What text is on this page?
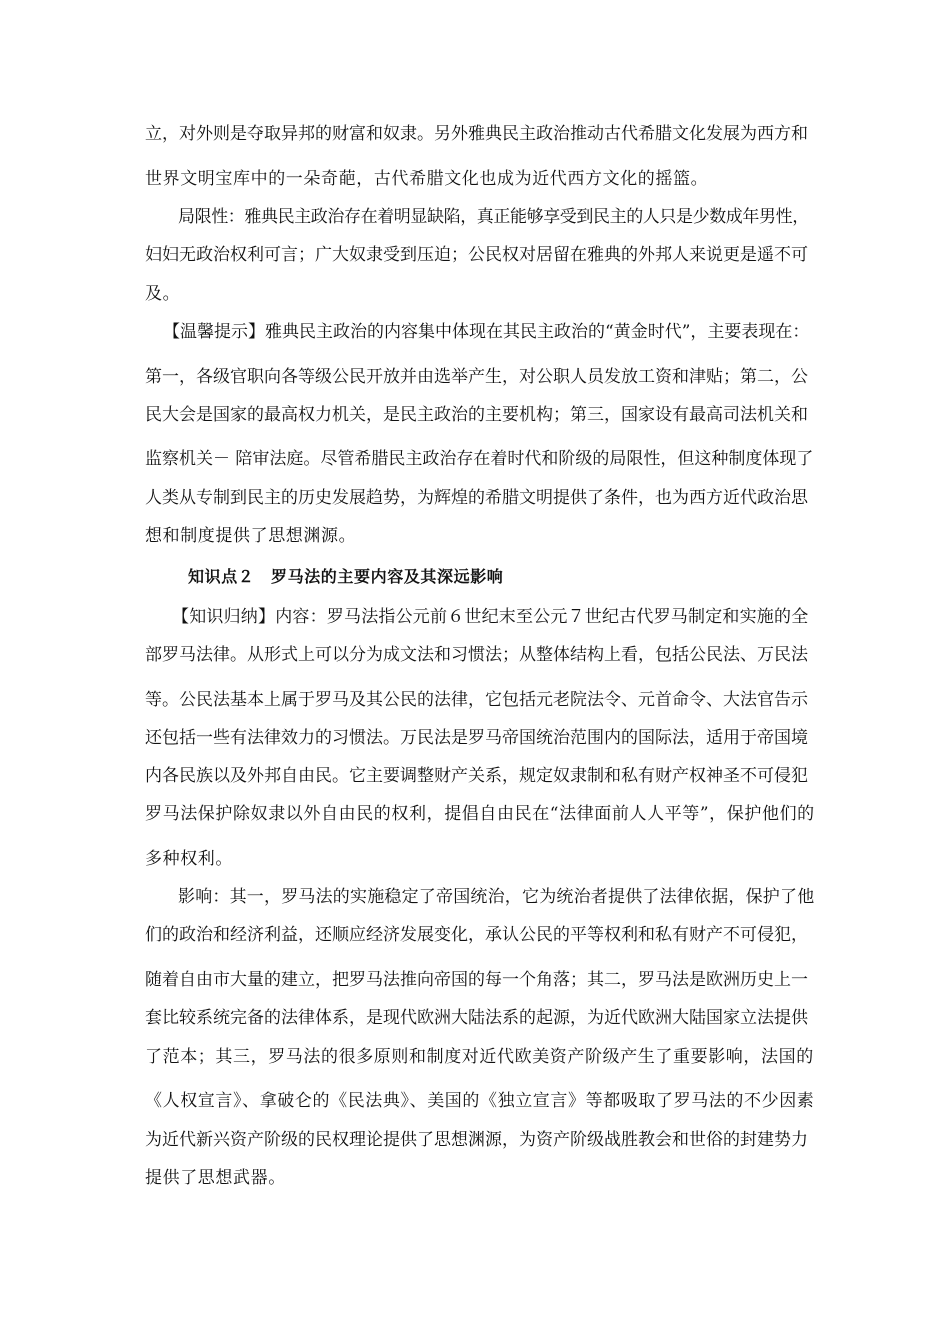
立，对外则是夺取异邦的财富和奴隶。另外雅典民主政治推动古代希腊文化发展为西方和
世界文明宝库中的一朵奇葩，古代希腊文化也成为近代西方文化的摇篮。
局限性：雅典民主政治存在着明显缺陷，真正能够享受到民主的人只是少数成年男性，
妇妇无政治权利可言；广大奴隶受到压迫；公民权对居留在雅典的外邦人来说更是遥不可
及。
【温馨提示】雅典民主政治的内容集中体现在其民主政治的“黄金时代”，主要表现在：
第一，各级官职向各等级公民开放并由选举产生，对公职人员发放工资和津贴；第二，公
民大会是国家的最高权力机关，是民主政治的主要机构；第三，国家设有最高司法机关和
监察机关－ 陪审法庭。尽管希腊民主政治存在着时代和阶级的局限性，但这种制度体现了
人类从专制到民主的历史发展趋势，为辉煌的希腊文明提供了条件，也为西方近代政治思
想和制度提供了思想渊源。
知识点２　罗马法的主要内容及其深远影响
【知识归纳】内容：罗马法指公元前６世纪末至公元７世纪古代罗马制定和实施的全
部罗马法律。从形式上可以分为成文法和习惯法；从整体结构上看，包括公民法、万民法
等。公民法基本上属于罗马及其公民的法律，它包括元老院法令、元首命令、大法官告示
还包括一些有法律效力的习惯法。万民法是罗马帝国统治范围内的国际法，适用于帝国境
内各民族以及外邦自由民。它主要调整财产关系，规定奴隶制和私有财产权神圣不可侵犯
罗马法保护除奴隶以外自由民的权利，提倡自由民在“法律面前人人平等”，保护他们的
多种权利。
影响：其一，罗马法的实施稳定了帝国统治，它为统治者提供了法律依据，保护了他
们的政治和经济利益，还顺应经济发展变化，承认公民的平等权利和私有财产不可侵犯，
随着自由市大量的建立，把罗马法推向帝国的每一个角落；其二，罗马法是欧洲历史上一
套比较系统完备的法律体系，是现代欧洲大陆法系的起源，为近代欧洲大陆国家立法提供
了范本；其三，罗马法的很多原则和制度对近代欧美资产阶级产生了重要影响，法国的
《人权宣言》、拿破仑的《民法典》、美国的《独立宣言》等都吸取了罗马法的不少因素
为近代新兴资产阶级的民权理论提供了思想渊源，为资产阶级战胜教会和世俗的封建势力
提供了思想武器。
